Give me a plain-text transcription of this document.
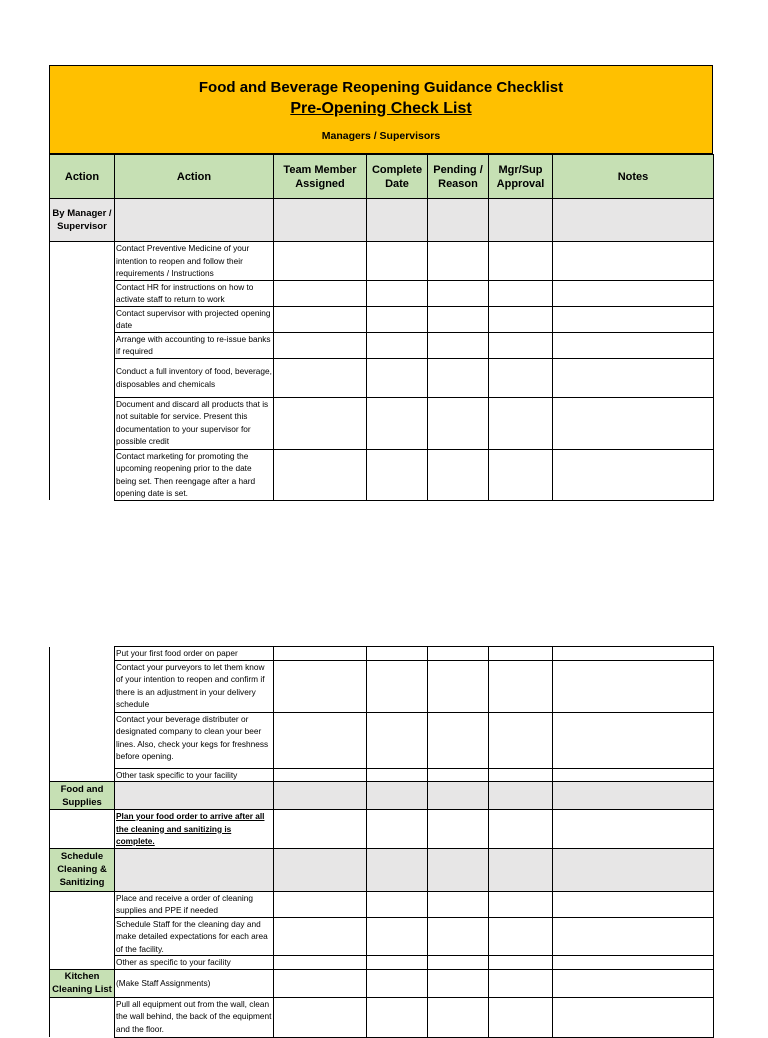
Food and Beverage Reopening Guidance Checklist
Pre-Opening Check List
Managers / Supervisors
Action	Action	Team Member Assigned	Complete Date	Pending / Reason	Mgr/Sup Approval	Notes
By Manager / Supervisor						
	Contact Preventive Medicine of your intention to reopen and follow their requirements / Instructions					
	Contact HR for instructions on how to activate staff to return to work					
	Contact supervisor with projected opening date					
	Arrange with accounting to re-issue banks if required					
	Conduct a full inventory of food, beverage, disposables and chemicals					
	Document and discard all products that is not suitable for service. Present this documentation to your supervisor for possible credit					
	Contact marketing for promoting the upcoming reopening prior to the date being set. Then reengage after a hard opening date is set.					
	Put your first food order on paper					
	Contact your purveyors to let them know of your intention to reopen and confirm if there is an adjustment in your delivery schedule					
	Contact your beverage distributer or designated company to clean your beer lines. Also, check your kegs for freshness before opening.					
	Other task specific to your facility					
Food and Supplies						
	Plan your food order to arrive after all the cleaning and sanitizing is complete.					
Schedule Cleaning & Sanitizing						
	Place and receive a order of cleaning supplies and PPE if needed					
	Schedule Staff for the cleaning day and make detailed expectations for each area of the facility.					
	Other as specific to your facility					
Kitchen Cleaning List	(Make Staff Assignments)					
	Pull all equipment out from the wall, clean the wall behind, the back of the equipment and the floor.					
